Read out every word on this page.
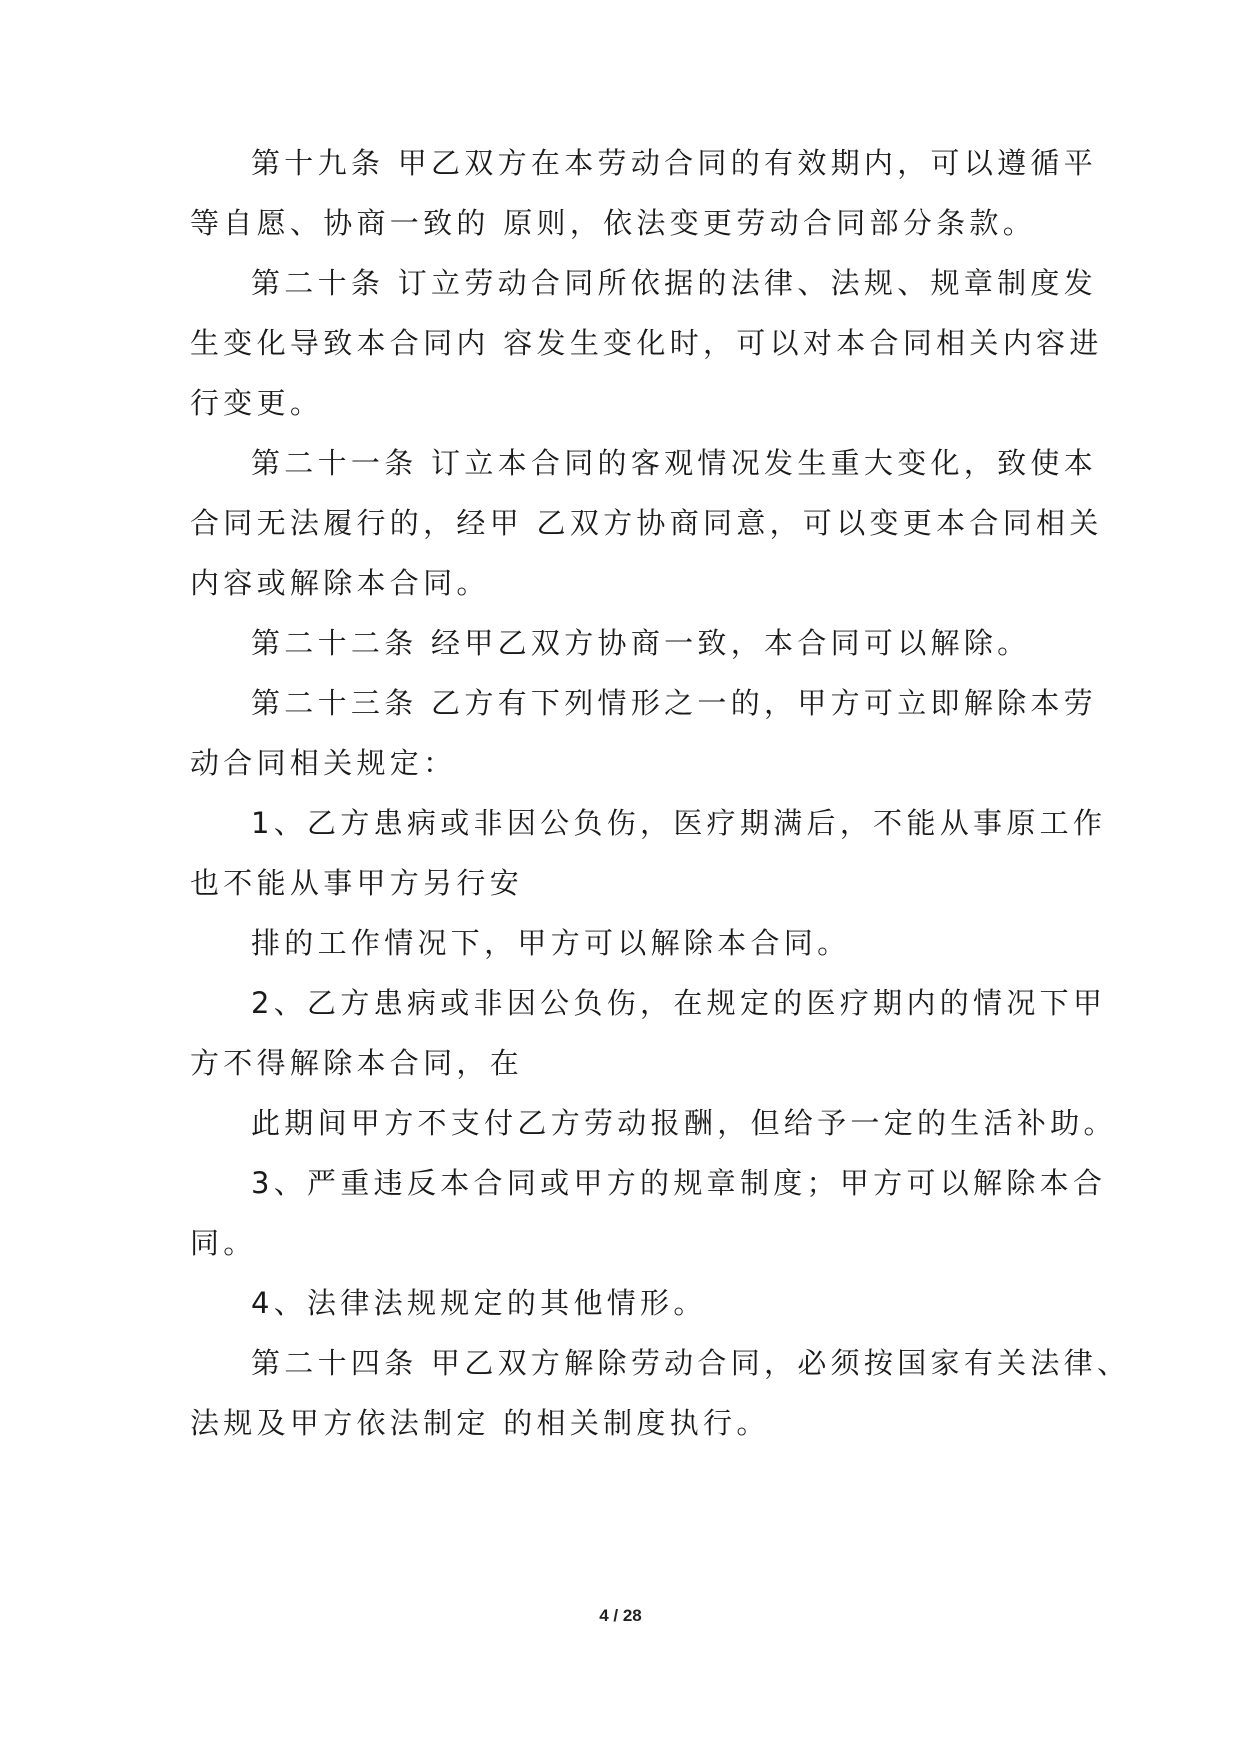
第十九条 甲乙双方在本劳动合同的有效期内，可以遵循平

等自愿、协商一致的 原则，依法变更劳动合同部分条款。

第二十条 订立劳动合同所依据的法律、法规、规章制度发

生变化导致本合同内 容发生变化时，可以对本合同相关内容进

行变更。

第二十一条 订立本合同的客观情况发生重大变化，致使本

合同无法履行的，经甲 乙双方协商同意，可以变更本合同相关

内容或解除本合同。

第二十二条 经甲乙双方协商一致，本合同可以解除。

第二十三条 乙方有下列情形之一的，甲方可立即解除本劳

动合同相关规定：

1、乙方患病或非因公负伤，医疗期满后，不能从事原工作

也不能从事甲方另行安

排的工作情况下，甲方可以解除本合同。

2、乙方患病或非因公负伤，在规定的医疗期内的情况下甲

方不得解除本合同，在

此期间甲方不支付乙方劳动报酬，但给予一定的生活补助。

3、严重违反本合同或甲方的规章制度；甲方可以解除本合

同。

4、法律法规规定的其他情形。

第二十四条 甲乙双方解除劳动合同，必须按国家有关法律、

法规及甲方依法制定 的相关制度执行。

4 / 28
